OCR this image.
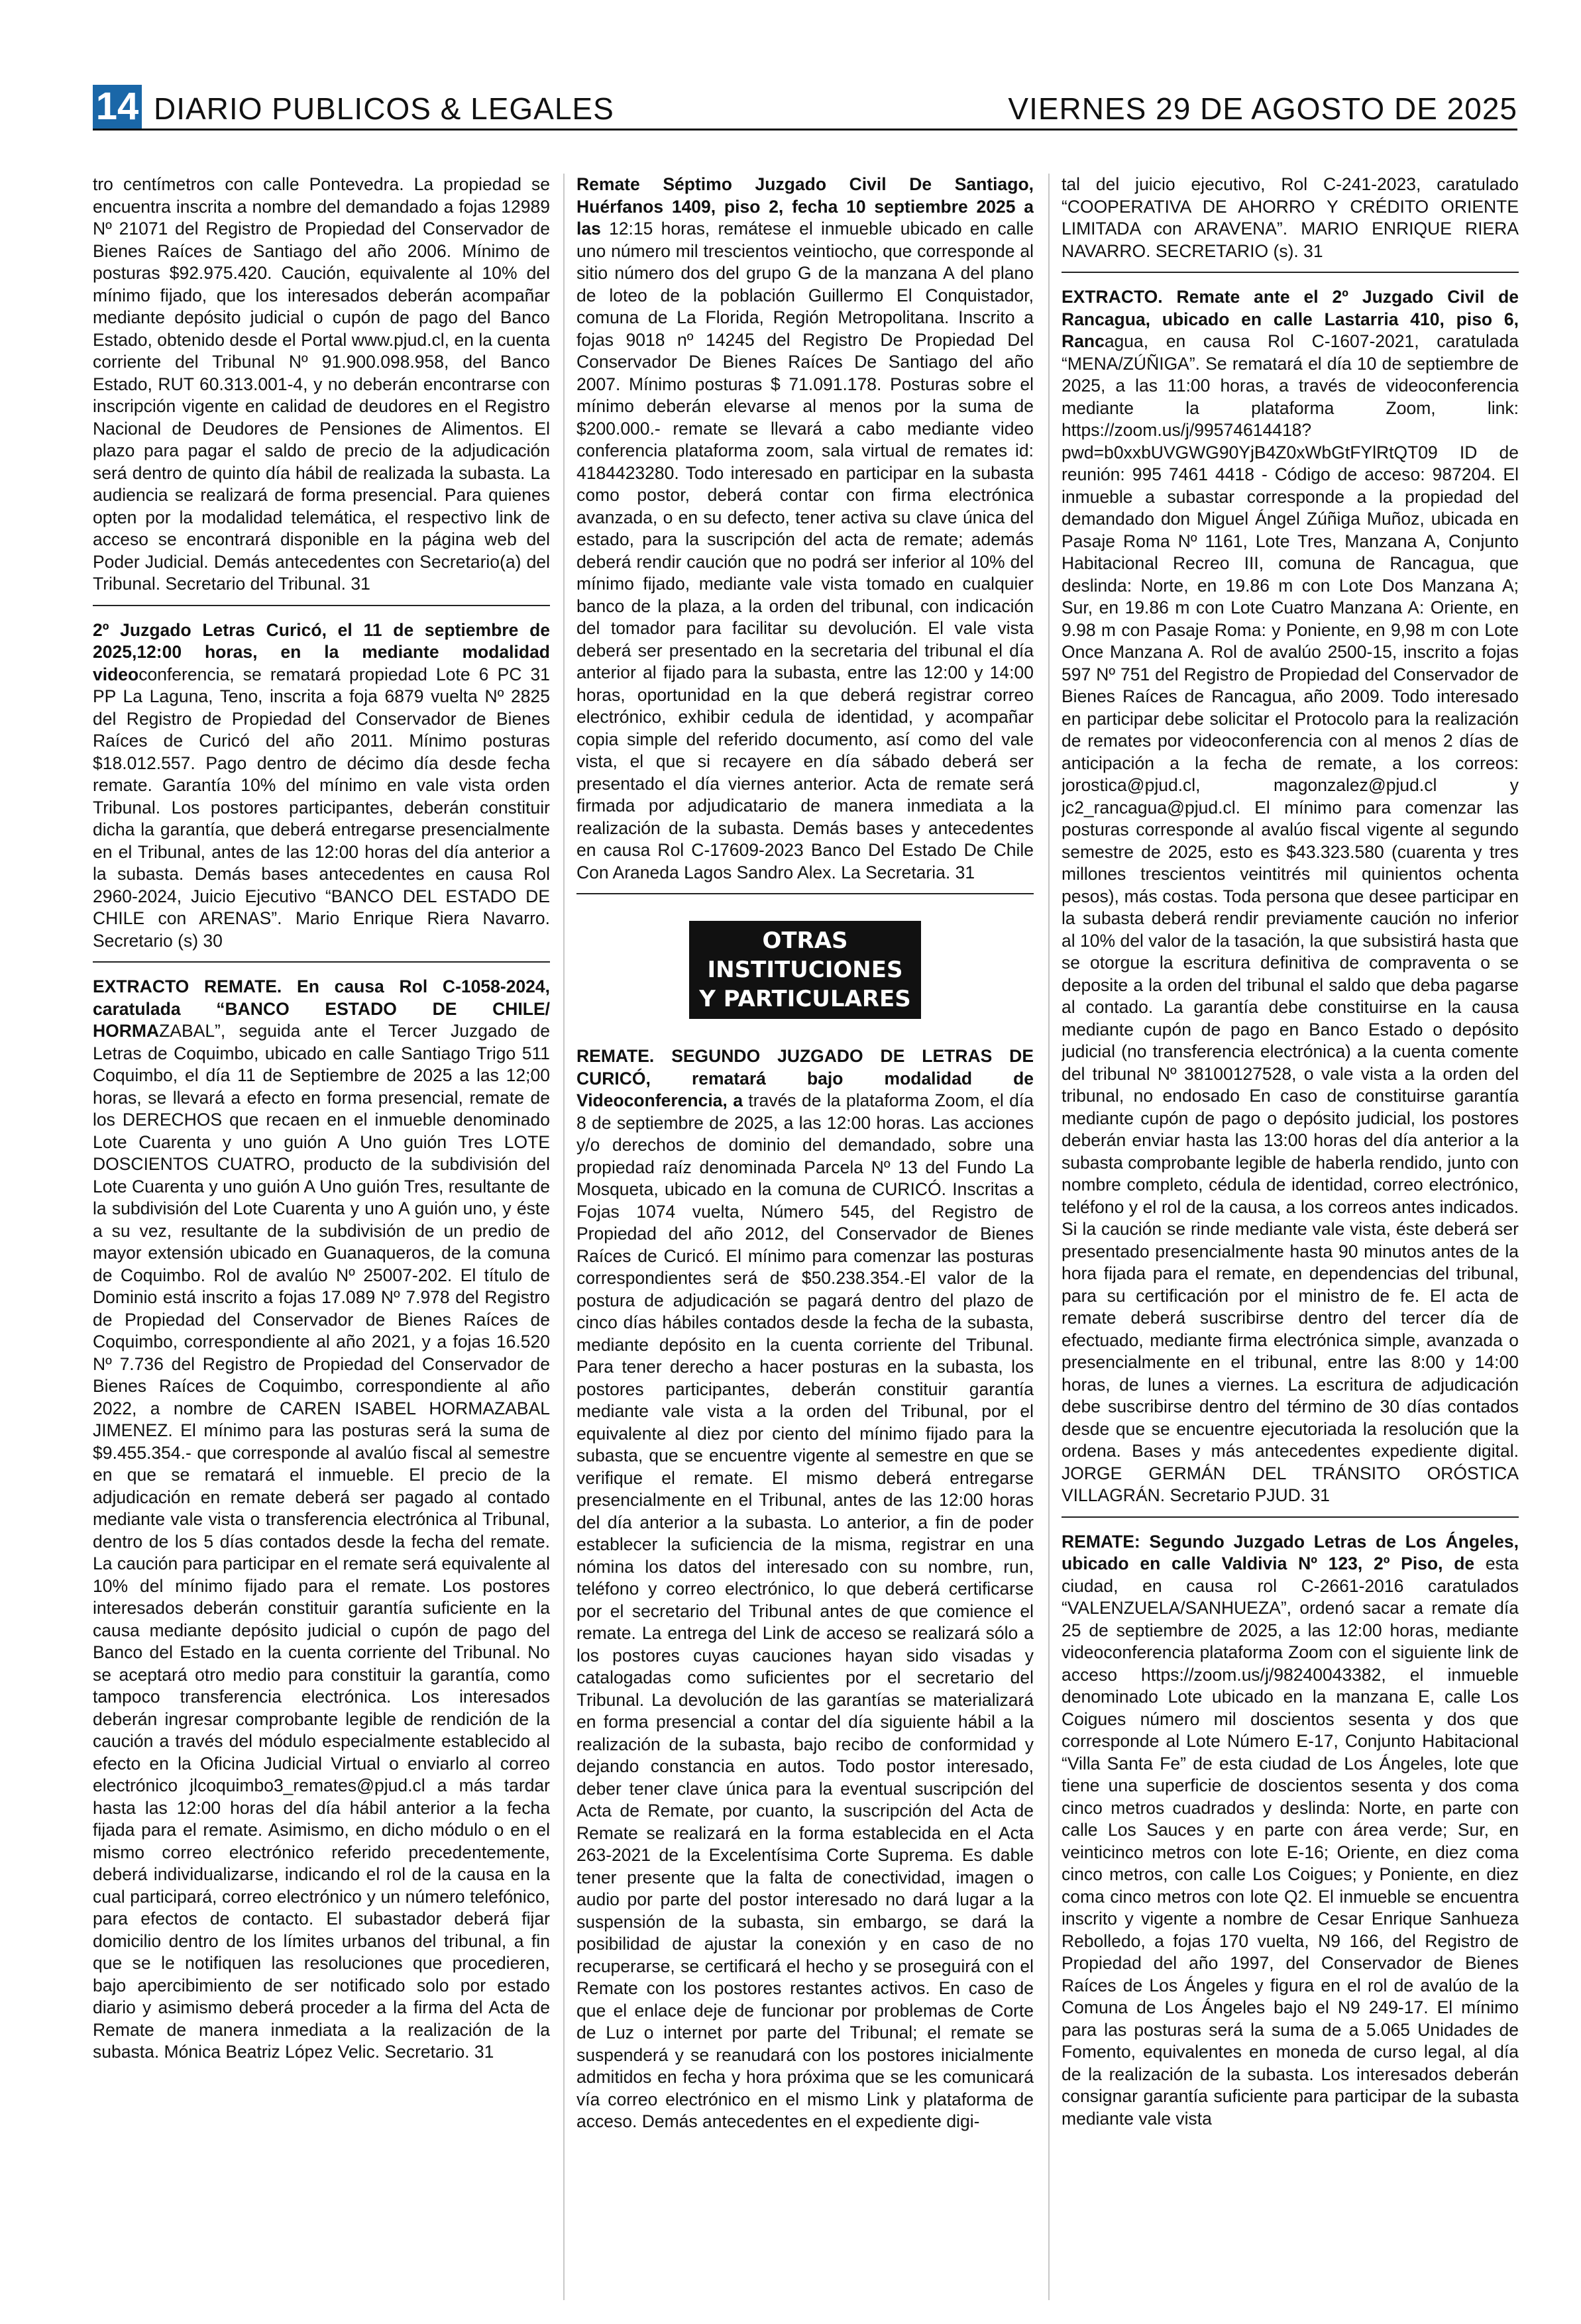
14 DIARIO PUBLICOS & LEGALES	VIERNES 29 DE AGOSTO DE 2025

tro centímetros con calle Pontevedra. La propiedad se encuentra inscrita a nombre del demandado a fojas 12989 Nº 21071 del Registro de Propiedad del Conservador de Bienes Raíces de Santiago del año 2006. Mínimo de posturas $92.975.420. Caución, equivalente al 10% del mínimo fijado, que los interesados deberán acompañar mediante depósito judicial o cupón de pago del Banco Estado, obtenido desde el Portal www.pjud.cl, en la cuenta corriente del Tribunal Nº 91.900.098.958, del Banco Estado, RUT 60.313.001-4, y no deberán encontrarse con inscripción vigente en calidad de deudores en el Registro Nacional de Deudores de Pensiones de Alimentos. El plazo para pagar el saldo de precio de la adjudicación será dentro de quinto día hábil de realizada la subasta. La audiencia se realizará de forma presencial. Para quienes opten por la modalidad telemática, el respectivo link de acceso se encontrará disponible en la página web del Poder Judicial. Demás antecedentes con Secretario(a) del Tribunal. Secretario del Tribunal. 31

2º Juzgado Letras Curicó, el 11 de septiembre de 2025,12:00 horas, en la mediante modalidad videoconferencia, se rematará propiedad Lote 6 PC 31 PP La Laguna, Teno, inscrita a foja 6879 vuelta Nº 2825 del Registro de Propiedad del Conservador de Bienes Raíces de Curicó del año 2011. Mínimo posturas $18.012.557. Pago dentro de décimo día desde fecha remate. Garantía 10% del mínimo en vale vista orden Tribunal. Los postores participantes, deberán constituir dicha la garantía, que deberá entregarse presencialmente en el Tribunal, antes de las 12:00 horas del día anterior a la subasta. Demás bases antecedentes en causa Rol 2960-2024, Juicio Ejecutivo “BANCO DEL ESTADO DE CHILE con ARENAS”. Mario Enrique Riera Navarro. Secretario (s) 30

EXTRACTO REMATE. En causa Rol C-1058-2024, caratulada “BANCO ESTADO DE CHILE/ HORMAZABAL”, seguida ante el Tercer Juzgado de Letras de Coquimbo, ubicado en calle Santiago Trigo 511 Coquimbo, el día 11 de Septiembre de 2025 a las 12;00 horas, se llevará a efecto en forma presencial, remate de los DERECHOS que recaen en el inmueble denominado Lote Cuarenta y uno guión A Uno guión Tres LOTE DOSCIENTOS CUATRO, producto de la subdivisión del Lote Cuarenta y uno guión A Uno guión Tres, resultante de la subdivisión del Lote Cuarenta y uno A guión uno, y éste a su vez, resultante de la subdivisión de un predio de mayor extensión ubicado en Guanaqueros, de la comuna de Coquimbo. Rol de avalúo Nº 25007-202. El título de Dominio está inscrito a fojas 17.089 Nº 7.978 del Registro de Propiedad del Conservador de Bienes Raíces de Coquimbo, correspondiente al año 2021, y a fojas 16.520 Nº 7.736 del Registro de Propiedad del Conservador de Bienes Raíces de Coquimbo, correspondiente al año 2022, a nombre de CAREN ISABEL HORMAZABAL JIMENEZ. El mínimo para las posturas será la suma de $9.455.354.- que corresponde al avalúo fiscal al semestre en que se rematará el inmueble. El precio de la adjudicación en remate deberá ser pagado al contado mediante vale vista o transferencia electrónica al Tribunal, dentro de los 5 días contados desde la fecha del remate. La caución para participar en el remate será equivalente al 10% del mínimo fijado para el remate. Los postores interesados deberán constituir garantía suficiente en la causa mediante depósito judicial o cupón de pago del Banco del Estado en la cuenta corriente del Tribunal. No se aceptará otro medio para constituir la garantía, como tampoco transferencia electrónica. Los interesados deberán ingresar comprobante legible de rendición de la caución a través del módulo especialmente establecido al efecto en la Oficina Judicial Virtual o enviarlo al correo electrónico jlcoquimbo3_remates@pjud.cl a más tardar hasta las 12:00 horas del día hábil anterior a la fecha fijada para el remate. Asimismo, en dicho módulo o en el mismo correo electrónico referido precedentemente, deberá individualizarse, indicando el rol de la causa en la cual participará, correo electrónico y un número telefónico, para efectos de contacto. El subastador deberá fijar domicilio dentro de los límites urbanos del tribunal, a fin que se le notifiquen las resoluciones que procedieren, bajo apercibimiento de ser notificado solo por estado diario y asimismo deberá proceder a la firma del Acta de Remate de manera inmediata a la realización de la subasta. Mónica Beatriz López Velic. Secretario. 31

Remate Séptimo Juzgado Civil De Santiago, Huérfanos 1409, piso 2, fecha 10 septiembre 2025 a las 12:15 horas, remátese el inmueble ubicado en calle uno número mil trescientos veintiocho, que corresponde al sitio número dos del grupo G de la manzana A del plano de loteo de la población Guillermo El Conquistador, comuna de La Florida, Región Metropolitana. Inscrito a fojas 9018 nº 14245 del Registro De Propiedad Del Conservador De Bienes Raíces De Santiago del año 2007. Mínimo posturas $ 71.091.178. Posturas sobre el mínimo deberán elevarse al menos por la suma de $200.000.- remate se llevará a cabo mediante video conferencia plataforma zoom, sala virtual de remates id: 4184423280. Todo interesado en participar en la subasta como postor, deberá contar con firma electrónica avanzada, o en su defecto, tener activa su clave única del estado, para la suscripción del acta de remate; además deberá rendir caución que no podrá ser inferior al 10% del mínimo fijado, mediante vale vista tomado en cualquier banco de la plaza, a la orden del tribunal, con indicación del tomador para facilitar su devolución. El vale vista deberá ser presentado en la secretaria del tribunal el día anterior al fijado para la subasta, entre las 12:00 y 14:00 horas, oportunidad en la que deberá registrar correo electrónico, exhibir cedula de identidad, y acompañar copia simple del referido documento, así como del vale vista, el que si recayere en día sábado deberá ser presentado el día viernes anterior. Acta de remate será firmada por adjudicatario de manera inmediata a la realización de la subasta. Demás bases y antecedentes en causa Rol C-17609-2023 Banco Del Estado De Chile Con Araneda Lagos Sandro Alex. La Secretaria. 31

OTRAS INSTITUCIONES
Y PARTICULARES

REMATE. SEGUNDO JUZGADO DE LETRAS DE CURICÓ, rematará bajo modalidad de Videoconferencia, a través de la plataforma Zoom, el día 8 de septiembre de 2025, a las 12:00 horas. Las acciones y/o derechos de dominio del demandado, sobre una propiedad raíz denominada Parcela Nº 13 del Fundo La Mosqueta, ubicado en la comuna de CURICÓ. Inscritas a Fojas 1074 vuelta, Número 545, del Registro de Propiedad del año 2012, del Conservador de Bienes Raíces de Curicó. El mínimo para comenzar las posturas correspondientes será de $50.238.354.-El valor de la postura de adjudicación se pagará dentro del plazo de cinco días hábiles contados desde la fecha de la subasta, mediante depósito en la cuenta corriente del Tribunal. Para tener derecho a hacer posturas en la subasta, los postores participantes, deberán constituir garantía mediante vale vista a la orden del Tribunal, por el equivalente al diez por ciento del mínimo fijado para la subasta, que se encuentre vigente al semestre en que se verifique el remate. El mismo deberá entregarse presencialmente en el Tribunal, antes de las 12:00 horas del día anterior a la subasta. Lo anterior, a fin de poder establecer la suficiencia de la misma, registrar en una nómina los datos del interesado con su nombre, run, teléfono y correo electrónico, lo que deberá certificarse por el secretario del Tribunal antes de que comience el remate. La entrega del Link de acceso se realizará sólo a los postores cuyas cauciones hayan sido visadas y catalogadas como suficientes por el secretario del Tribunal. La devolución de las garantías se materializará en forma presencial a contar del día siguiente hábil a la realización de la subasta, bajo recibo de conformidad y dejando constancia en autos. Todo postor interesado, deber tener clave única para la eventual suscripción del Acta de Remate, por cuanto, la suscripción del Acta de Remate se realizará en la forma establecida en el Acta 263-2021 de la Excelentísima Corte Suprema. Es dable tener presente que la falta de conectividad, imagen o audio por parte del postor interesado no dará lugar a la suspensión de la subasta, sin embargo, se dará la posibilidad de ajustar la conexión y en caso de no recuperarse, se certificará el hecho y se proseguirá con el Remate con los postores restantes activos. En caso de que el enlace deje de funcionar por problemas de Corte de Luz o internet por parte del Tribunal; el remate se suspenderá y se reanudará con los postores inicialmente admitidos en fecha y hora próxima que se les comunicará vía correo electrónico en el mismo Link y plataforma de acceso. Demás antecedentes en el expediente digi-

tal del juicio ejecutivo, Rol C-241-2023, caratulado “COOPERATIVA DE AHORRO Y CRÉDITO ORIENTE LIMITADA con ARAVENA”. MARIO ENRIQUE RIERA NAVARRO. SECRETARIO (s). 31

EXTRACTO. Remate ante el 2º Juzgado Civil de Rancagua, ubicado en calle Lastarria 410, piso 6, Rancagua, en causa Rol C-1607-2021, caratulada “MENA/ZÚÑIGA”. Se rematará el día 10 de septiembre de 2025, a las 11:00 horas, a través de videoconferencia mediante la plataforma Zoom, link: https://zoom.us/j/99574614418?pwd=b0xxbUVGWG90YjB4Z0xWbGtFYlRtQT09 ID de reunión: 995 7461 4418 - Código de acceso: 987204. El inmueble a subastar corresponde a la propiedad del demandado don Miguel Ángel Zúñiga Muñoz, ubicada en Pasaje Roma Nº 1161, Lote Tres, Manzana A, Conjunto Habitacional Recreo III, comuna de Rancagua, que deslinda: Norte, en 19.86 m con Lote Dos Manzana A; Sur, en 19.86 m con Lote Cuatro Manzana A: Oriente, en 9.98 m con Pasaje Roma: y Poniente, en 9,98 m con Lote Once Manzana A. Rol de avalúo 2500-15, inscrito a fojas 597 Nº 751 del Registro de Propiedad del Conservador de Bienes Raíces de Rancagua, año 2009. Todo interesado en participar debe solicitar el Protocolo para la realización de remates por videoconferencia con al menos 2 días de anticipación a la fecha de remate, a los correos: jorostica@pjud.cl, magonzalez@pjud.cl y jc2_rancagua@pjud.cl. El mínimo para comenzar las posturas corresponde al avalúo fiscal vigente al segundo semestre de 2025, esto es $43.323.580 (cuarenta y tres millones trescientos veintitrés mil quinientos ochenta pesos), más costas. Toda persona que desee participar en la subasta deberá rendir previamente caución no inferior al 10% del valor de la tasación, la que subsistirá hasta que se otorgue la escritura definitiva de compraventa o se deposite a la orden del tribunal el saldo que deba pagarse al contado. La garantía debe constituirse en la causa mediante cupón de pago en Banco Estado o depósito judicial (no transferencia electrónica) a la cuenta comente del tribunal Nº 38100127528, o vale vista a la orden del tribunal, no endosado En caso de constituirse garantía mediante cupón de pago o depósito judicial, los postores deberán enviar hasta las 13:00 horas del día anterior a la subasta comprobante legible de haberla rendido, junto con nombre completo, cédula de identidad, correo electrónico, teléfono y el rol de la causa, a los correos antes indicados. Si la caución se rinde mediante vale vista, éste deberá ser presentado presencialmente hasta 90 minutos antes de la hora fijada para el remate, en dependencias del tribunal, para su certificación por el ministro de fe. El acta de remate deberá suscribirse dentro del tercer día de efectuado, mediante firma electrónica simple, avanzada o presencialmente en el tribunal, entre las 8:00 y 14:00 horas, de lunes a viernes. La escritura de adjudicación debe suscribirse dentro del término de 30 días contados desde que se encuentre ejecutoriada la resolución que la ordena. Bases y más antecedentes expediente digital. JORGE GERMÁN DEL TRÁNSITO ORÓSTICA VILLAGRÁN. Secretario PJUD. 31

REMATE: Segundo Juzgado Letras de Los Ángeles, ubicado en calle Valdivia Nº 123, 2º Piso, de esta ciudad, en causa rol C-2661-2016 caratulados “VALENZUELA/SANHUEZA”, ordenó sacar a remate día 25 de septiembre de 2025, a las 12:00 horas, mediante videoconferencia plataforma Zoom con el siguiente link de acceso https://zoom.us/j/98240043382, el inmueble denominado Lote ubicado en la manzana E, calle Los Coigues número mil doscientos sesenta y dos que corresponde al Lote Número E-17, Conjunto Habitacional “Villa Santa Fe” de esta ciudad de Los Ángeles, lote que tiene una superficie de doscientos sesenta y dos coma cinco metros cuadrados y deslinda: Norte, en parte con calle Los Sauces y en parte con área verde; Sur, en veinticinco metros con lote E-16; Oriente, en diez coma cinco metros, con calle Los Coigues; y Poniente, en diez coma cinco metros con lote Q2. El inmueble se encuentra inscrito y vigente a nombre de Cesar Enrique Sanhueza Rebolledo, a fojas 170 vuelta, N9 166, del Registro de Propiedad del año 1997, del Conservador de Bienes Raíces de Los Ángeles y figura en el rol de avalúo de la Comuna de Los Ángeles bajo el N9 249-17. El mínimo para las posturas será la suma de a 5.065 Unidades de Fomento, equivalentes en moneda de curso legal, al día de la realización de la subasta. Los interesados deberán consignar garantía suficiente para participar de la subasta mediante vale vista
